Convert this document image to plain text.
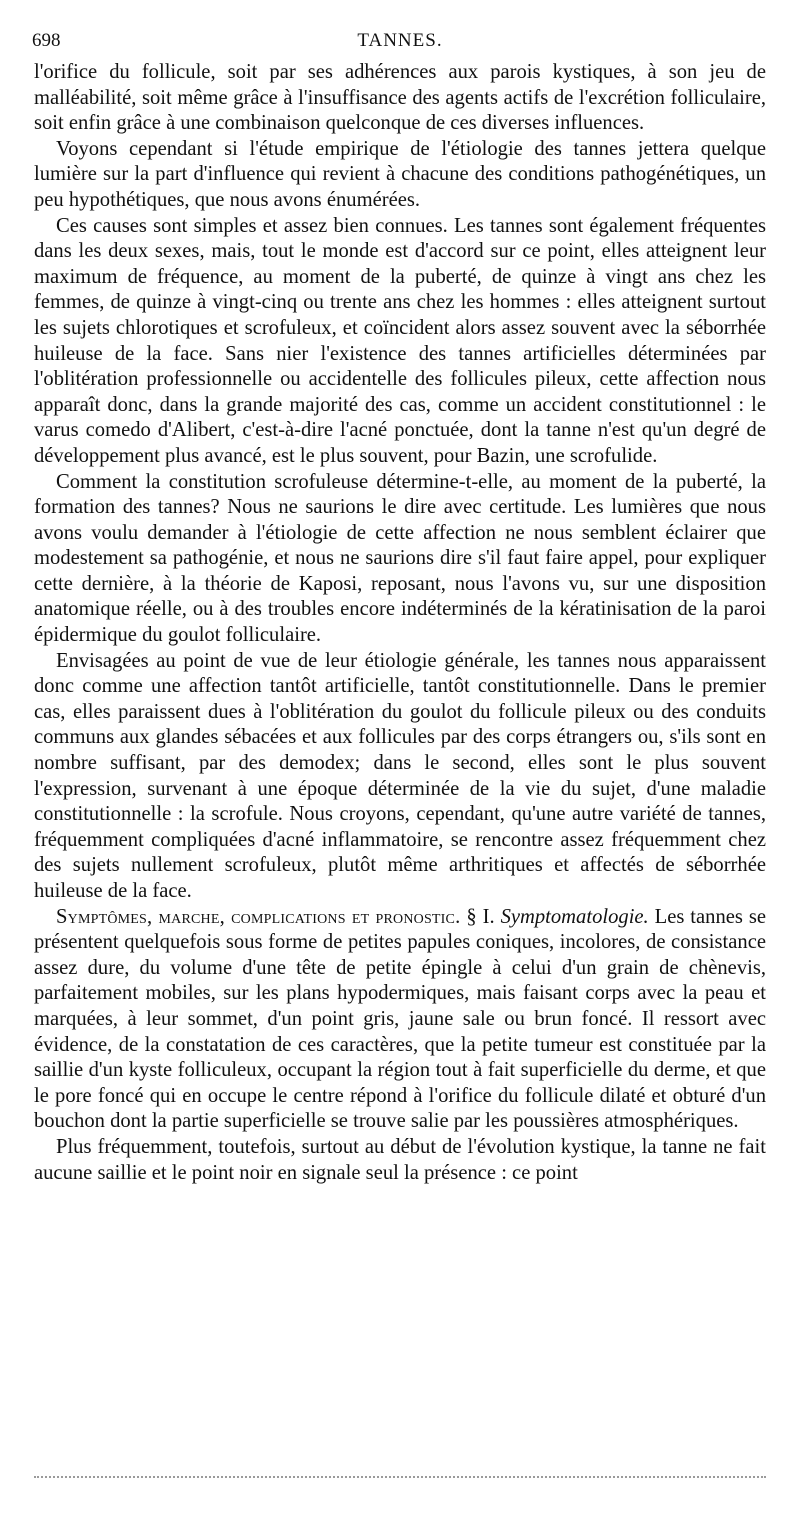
698	TANNES.

l'orifice du follicule, soit par ses adhérences aux parois kystiques, à son jeu de malléabilité, soit même grâce à l'insuffisance des agents actifs de l'excrétion folliculaire, soit enfin grâce à une combinaison quelconque de ces diverses influences.

Voyons cependant si l'étude empirique de l'étiologie des tannes jettera quelque lumière sur la part d'influence qui revient à chacune des conditions pathogénétiques, un peu hypothétiques, que nous avons énumérées.

Ces causes sont simples et assez bien connues. Les tannes sont également fréquentes dans les deux sexes, mais, tout le monde est d'accord sur ce point, elles atteignent leur maximum de fréquence, au moment de la puberté, de quinze à vingt ans chez les femmes, de quinze à vingt-cinq ou trente ans chez les hommes : elles atteignent surtout les sujets chlorotiques et scrofuleux, et coïncident alors assez souvent avec la séborrhée huileuse de la face. Sans nier l'existence des tannes artificielles déterminées par l'oblitération professionnelle ou accidentelle des follicules pileux, cette affection nous apparaît donc, dans la grande majorité des cas, comme un accident constitutionnel : le varus comedo d'Alibert, c'est-à-dire l'acné ponctuée, dont la tanne n'est qu'un degré de développement plus avancé, est le plus souvent, pour Bazin, une scrofulide.

Comment la constitution scrofuleuse détermine-t-elle, au moment de la puberté, la formation des tannes? Nous ne saurions le dire avec certitude. Les lumières que nous avons voulu demander à l'étiologie de cette affection ne nous semblent éclairer que modestement sa pathogénie, et nous ne saurions dire s'il faut faire appel, pour expliquer cette dernière, à la théorie de Kaposi, reposant, nous l'avons vu, sur une disposition anatomique réelle, ou à des troubles encore indéterminés de la kératinisation de la paroi épidermique du goulot folliculaire.

Envisagées au point de vue de leur étiologie générale, les tannes nous apparaissent donc comme une affection tantôt artificielle, tantôt constitutionnelle. Dans le premier cas, elles paraissent dues à l'oblitération du goulot du follicule pileux ou des conduits communs aux glandes sébacées et aux follicules par des corps étrangers ou, s'ils sont en nombre suffisant, par des demodex; dans le second, elles sont le plus souvent l'expression, survenant à une époque déterminée de la vie du sujet, d'une maladie constitutionnelle : la scrofule. Nous croyons, cependant, qu'une autre variété de tannes, fréquemment compliquées d'acné inflammatoire, se rencontre assez fréquemment chez des sujets nullement scrofuleux, plutôt même arthritiques et affectés de séborrhée huileuse de la face.

Symptômes, marche, complications et pronostic. § I. Symptomatologie. Les tannes se présentent quelquefois sous forme de petites papules coniques, incolores, de consistance assez dure, du volume d'une tête de petite épingle à celui d'un grain de chènevis, parfaitement mobiles, sur les plans hypodermiques, mais faisant corps avec la peau et marquées, à leur sommet, d'un point gris, jaune sale ou brun foncé. Il ressort avec évidence, de la constatation de ces caractères, que la petite tumeur est constituée par la saillie d'un kyste folliculeux, occupant la région tout à fait superficielle du derme, et que le pore foncé qui en occupe le centre répond à l'orifice du follicule dilaté et obturé d'un bouchon dont la partie superficielle se trouve salie par les poussières atmosphériques.

Plus fréquemment, toutefois, surtout au début de l'évolution kystique, la tanne ne fait aucune saillie et le point noir en signale seul la présence : ce point
